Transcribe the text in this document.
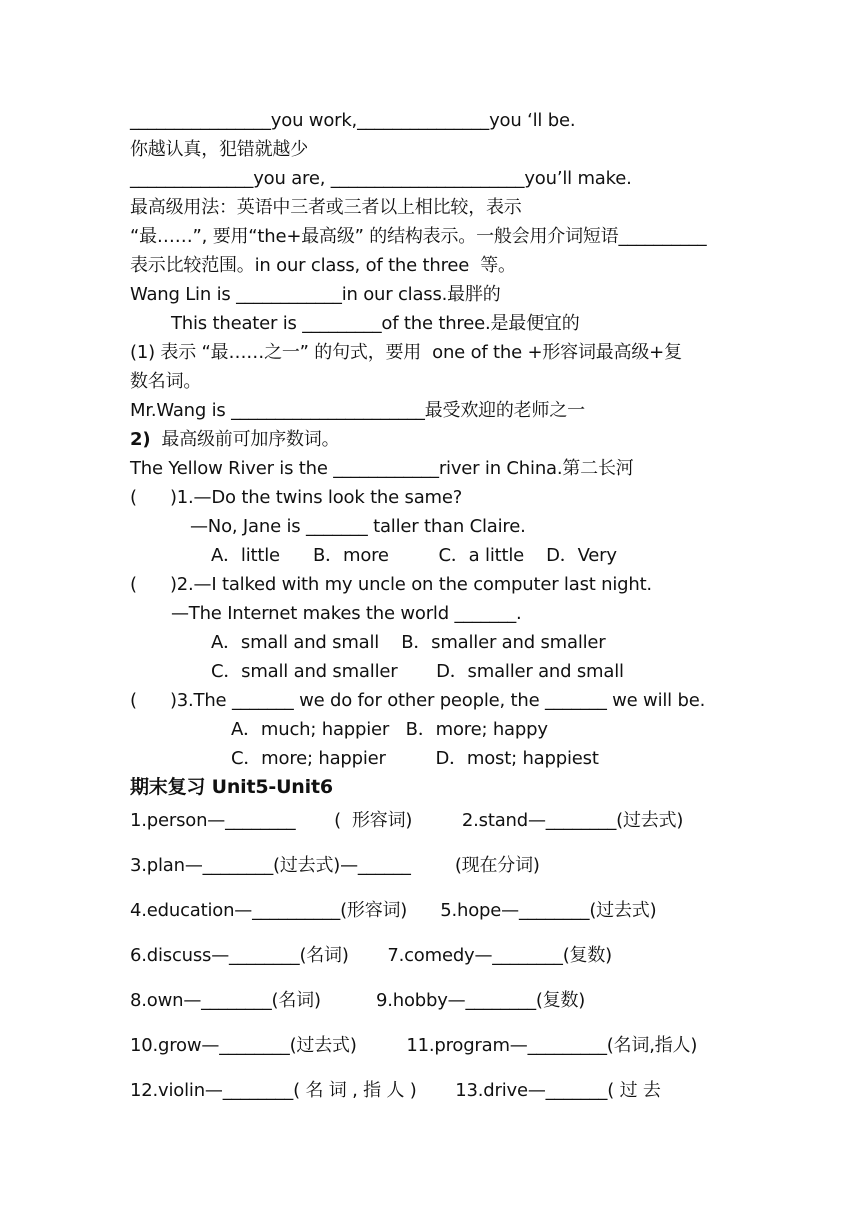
________________you work,_______________you ‘ll be.
你越认真，犯错就越少
______________you are, ______________________you’ll make.
最高级用法：英语中三者或三者以上相比较，表示
“最……”, 要用“the+最高级” 的结构表示。一般会用介词短语__________
表示比较范围。in our class, of the three  等。
Wang Lin is ____________in our class.最胖的
This theater is _________of the three.是最便宜的
(1) 表示 “最……之一” 的句式，要用  one of the +形容词最高级+复
数名词。
Mr.Wang is ______________________最受欢迎的老师之一
2)  最高级前可加序数词。
The Yellow River is the ____________river in China.第二长河
(      )1.—Do the twins look the same?
—No, Jane is _______ taller than Claire.
A．little      B．more         C．a little    D．Very
(      )2.—I talked with my uncle on the computer last night.
—The Internet makes the world _______.
A．small and small    B．smaller and smaller
C．small and smaller       D．smaller and small
(      )3.The _______ we do for other people, the _______ we will be.
A．much; happier   B．more; happy
C．more; happier         D．most; happiest
期末复习 Unit5-Unit6
1.person—________       (  形容词)         2.stand—________(过去式)
3.plan—________(过去式)—______        (现在分词)
4.education—__________(形容词)      5.hope—________(过去式)
6.discuss—________(名词)       7.comedy—________(复数)
8.own—________(名词)          9.hobby—________(复数)
10.grow—________(过去式)         11.program—_________(名词,指人)
12.violin—________( 名 词 , 指 人 )       13.drive—_______( 过 去
